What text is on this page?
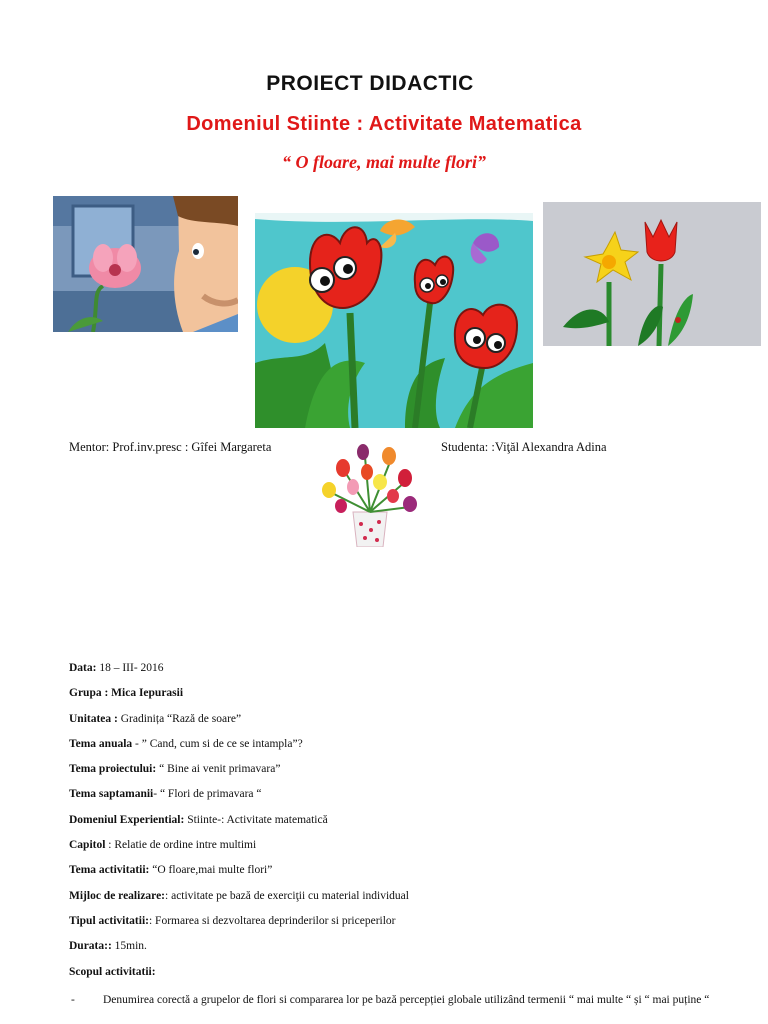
PROIECT DIDACTIC
Domeniul Stiinte : Activitate Matematica
“ O floare, mai multe flori”
Mentor: Prof.inv.presc : Gîfei Margareta	Studenta: :Viţăl Alexandra Adina
Data: 18 – III- 2016
Grupa : Mica Iepurasii
Unitatea : Gradinița “Rază de soare”
Tema anuala - ” Cand, cum si de ce se intampla”?
Tema proiectului: “ Bine ai venit primavara”
Tema saptamanii- “ Flori de primavara “
Domeniul Experiential: Stiinte-: Activitate matematică
Capitol : Relatie de ordine intre multimi
Tema activitatii: “O floare,mai multe flori”
Mijloc de realizare:: activitate pe bază de exerciţii cu material individual
Tipul activitatii:: Formarea si dezvoltarea deprinderilor si priceperilor
Durata:: 15min.
Scopul activitatii:
- Denumirea corectă a grupelor de flori si compararea lor pe bază percepției globale utilizând termenii “ mai multe “ și “ mai puține “
